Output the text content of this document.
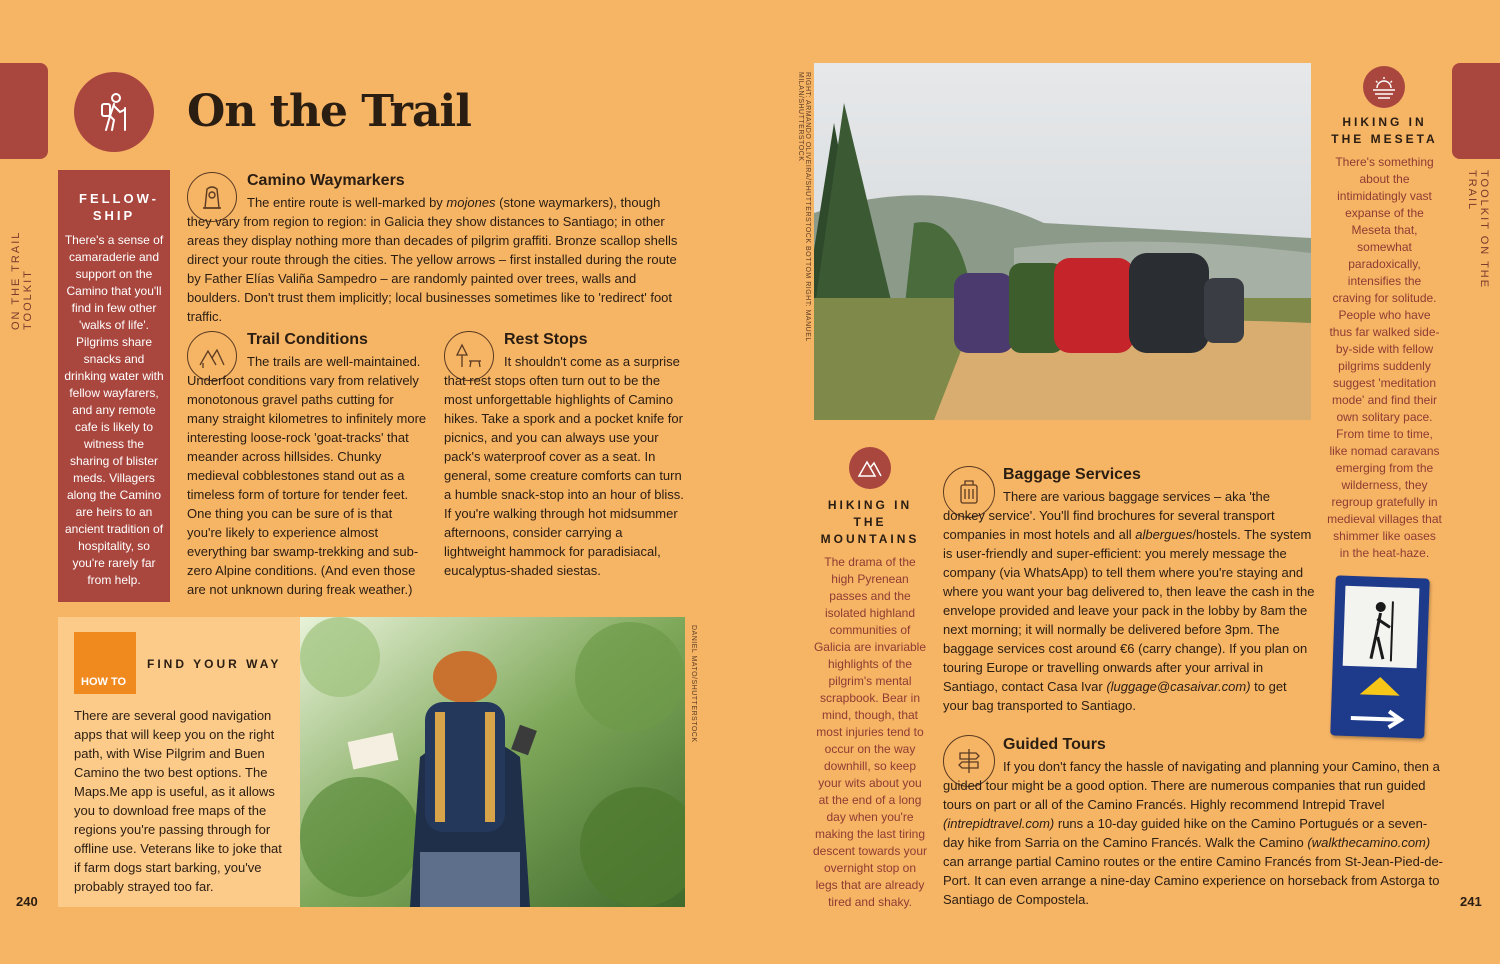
ON THE TRAIL TOOLKIT
240
On the Trail
FELLOW-SHIP

There's a sense of camaraderie and support on the Camino that you'll find in few other 'walks of life'. Pilgrims share snacks and drinking water with fellow wayfarers, and any remote cafe is likely to witness the sharing of blister meds. Villagers along the Camino are heirs to an ancient tradition of hospitality, so you're rarely far from help.

Camino Waymarkers
The entire route is well-marked by mojones (stone waymarkers), though they vary from region to region: in Galicia they show distances to Santiago; in other areas they display nothing more than decades of pilgrim graffiti. Bronze scallop shells direct your route through the cities. The yellow arrows – first installed during the route by Father Elías Valiña Sampedro – are randomly painted over trees, walls and boulders. Don't trust them implicitly; local businesses sometimes like to 'redirect' foot traffic.
Trail Conditions
The trails are well-maintained. Underfoot conditions vary from relatively monotonous gravel paths cutting for many straight kilometres to infinitely more interesting loose-rock 'goat-tracks' that meander across hillsides. Chunky medieval cobblestones stand out as a timeless form of torture for tender feet. One thing you can be sure of is that you're likely to experience almost everything bar swamp-trekking and sub-zero Alpine conditions. (And even those are not unknown during freak weather.)
Rest Stops
It shouldn't come as a surprise that rest stops often turn out to be the most unforgettable highlights of Camino hikes. Take a spork and a pocket knife for picnics, and you can always use your pack's waterproof cover as a seat. In general, some creature comforts can turn a humble snack-stop into an hour of bliss. If you're walking through hot midsummer afternoons, consider carrying a lightweight hammock for paradisiacal, eucalyptus-shaded siestas.
HOW TO
FIND YOUR WAY
There are several good navigation apps that will keep you on the right path, with Wise Pilgrim and Buen Camino the two best options. The Maps.Me app is useful, as it allows you to download free maps of the regions you're passing through for offline use. Veterans like to joke that if farm dogs start barking, you've probably strayed too far.
DANIEL MATO/SHUTTERSTOCK
RIGHT: ARMANDO OLIVEIRA/SHUTTERSTOCK BOTTOM RIGHT: MANUEL MILAN/SHUTTERSTOCK
HIKING IN THE MOUNTAINS
The drama of the high Pyrenean passes and the isolated highland communities of Galicia are invariable highlights of the pilgrim's mental scrapbook. Bear in mind, though, that most injuries tend to occur on the way downhill, so keep your wits about you at the end of a long day when you're making the last tiring descent towards your overnight stop on legs that are already tired and shaky.
HIKING IN THE MESETA
There's something about the intimidatingly vast expanse of the Meseta that, somewhat paradoxically, intensifies the craving for solitude. People who have thus far walked side-by-side with fellow pilgrims suddenly suggest 'meditation mode' and find their own solitary pace. From time to time, like nomad caravans emerging from the wilderness, they regroup gratefully in medieval villages that shimmer like oases in the heat-haze.
Baggage Services
There are various baggage services – aka 'the donkey service'. You'll find brochures for several transport companies in most hotels and all albergues/hostels. The system is user-friendly and super-efficient: you merely message the company (via WhatsApp) to tell them where you're staying and where you want your bag delivered to, then leave the cash in the envelope provided and leave your pack in the lobby by 8am the next morning; it will normally be delivered before 3pm. The baggage services cost around €6 (carry change). If you plan on touring Europe or travelling onwards after your arrival in Santiago, contact Casa Ivar (luggage@casaivar.com) to get your bag transported to Santiago.
Guided Tours
If you don't fancy the hassle of navigating and planning your Camino, then a guided tour might be a good option. There are numerous companies that run guided tours on part or all of the Camino Francés. Highly recommend Intrepid Travel (intrepidtravel.com) runs a 10-day guided hike on the Camino Portugués or a seven-day hike from Sarria on the Camino Francés. Walk the Camino (walkthecamino.com) can arrange partial Camino routes or the entire Camino Francés from St-Jean-Pied-de-Port. It can even arrange a nine-day Camino experience on horseback from Astorga to Santiago de Compostela.
TOOLKIT ON THE TRAIL
241
